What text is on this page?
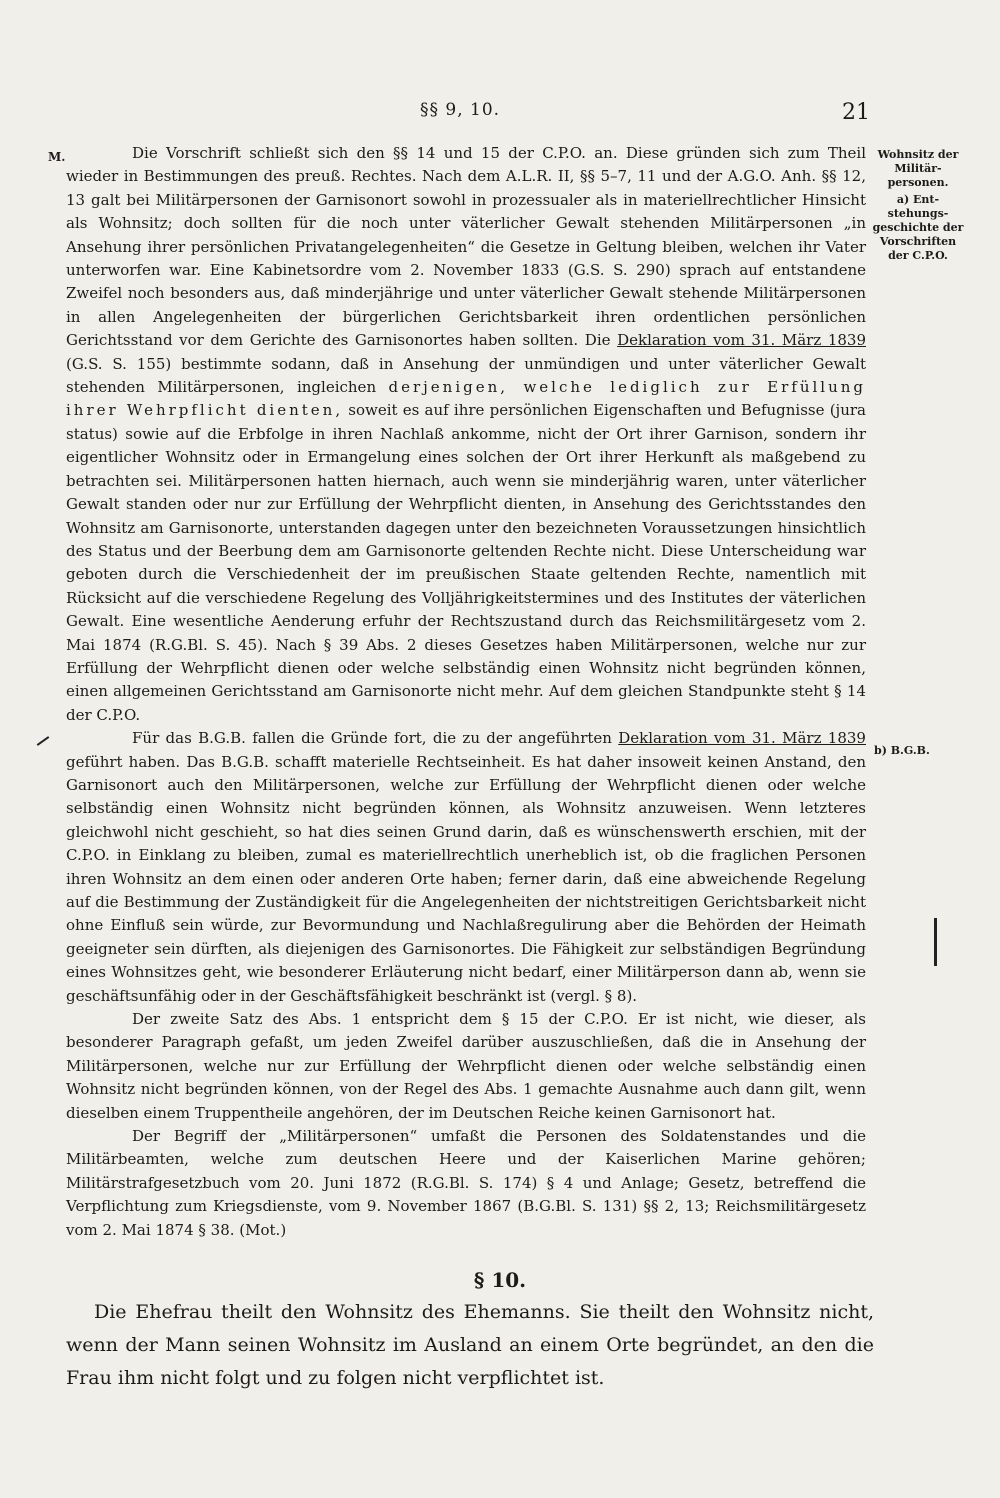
§§ 9, 10.	21
M.	Wohnsitz der Militär- personen.
a) Ent- stehungs- geschichte der Vorschriften der C.P.O.
b) B.G.B.

Die Vorschrift schließt sich den §§ 14 und 15 der C.P.O. an. Diese gründen sich zum Theil wieder in Bestimmungen des preuß. Rechtes. Nach dem A.L.R. II, §§ 5–7, 11 und der A.G.O. Anh. §§ 12, 13 galt bei Militärpersonen der Garnisonort sowohl in prozessualer als in materiellrechtlicher Hinsicht als Wohnsitz; doch sollten für die noch unter väterlicher Gewalt stehenden Militärpersonen „in Ansehung ihrer persönlichen Privatangelegenheiten“ die Gesetze in Geltung bleiben, welchen ihr Vater unterworfen war. Eine Kabinetsordre vom 2. November 1833 (G.S. S. 290) sprach auf entstandene Zweifel noch besonders aus, daß minderjährige und unter väterlicher Gewalt stehende Militärpersonen in allen Angelegenheiten der bürgerlichen Gerichtsbarkeit ihren ordentlichen persönlichen Gerichtsstand vor dem Gerichte des Garnisonortes haben sollten. Die Deklaration vom 31. März 1839 (G.S. S. 155) bestimmte sodann, daß in Ansehung der unmündigen und unter väterlicher Gewalt stehenden Militärpersonen, ingleichen derjenigen, welche lediglich zur Erfüllung ihrer Wehrpflicht dienten, soweit es auf ihre persönlichen Eigenschaften und Befugnisse (jura status) sowie auf die Erbfolge in ihren Nachlaß ankomme, nicht der Ort ihrer Garnison, sondern ihr eigentlicher Wohnsitz oder in Ermangelung eines solchen der Ort ihrer Herkunft als maßgebend zu betrachten sei. Militärpersonen hatten hiernach, auch wenn sie minderjährig waren, unter väterlicher Gewalt standen oder nur zur Erfüllung der Wehrpflicht dienten, in Ansehung des Gerichtsstandes den Wohnsitz am Garnisonorte, unterstanden dagegen unter den bezeichneten Voraussetzungen hinsichtlich des Status und der Beerbung dem am Garnisonorte geltenden Rechte nicht. Diese Unterscheidung war geboten durch die Verschiedenheit der im preußischen Staate geltenden Rechte, namentlich mit Rücksicht auf die verschiedene Regelung des Volljährigkeitstermines und des Institutes der väterlichen Gewalt. Eine wesentliche Aenderung erfuhr der Rechtszustand durch das Reichsmilitärgesetz vom 2. Mai 1874 (R.G.Bl. S. 45). Nach § 39 Abs. 2 dieses Gesetzes haben Militärpersonen, welche nur zur Erfüllung der Wehrpflicht dienen oder welche selbständig einen Wohnsitz nicht begründen können, einen allgemeinen Gerichtsstand am Garnisonorte nicht mehr. Auf dem gleichen Standpunkte steht § 14 der C.P.O.

Für das B.G.B. fallen die Gründe fort, die zu der angeführten Deklaration vom 31. März 1839 geführt haben. Das B.G.B. schafft materielle Rechtseinheit. Es hat daher insoweit keinen Anstand, den Garnisonort auch den Militärpersonen, welche zur Erfüllung der Wehrpflicht dienen oder welche selbständig einen Wohnsitz nicht begründen können, als Wohnsitz anzuweisen. Wenn letzteres gleichwohl nicht geschieht, so hat dies seinen Grund darin, daß es wünschenswerth erschien, mit der C.P.O. in Einklang zu bleiben, zumal es materiellrechtlich unerheblich ist, ob die fraglichen Personen ihren Wohnsitz an dem einen oder anderen Orte haben; ferner darin, daß eine abweichende Regelung auf die Bestimmung der Zuständigkeit für die Angelegenheiten der nichtstreitigen Gerichtsbarkeit nicht ohne Einfluß sein würde, zur Bevormundung und Nachlaßregulirung aber die Behörden der Heimath geeigneter sein dürften, als diejenigen des Garnisonortes. Die Fähigkeit zur selbständigen Begründung eines Wohnsitzes geht, wie besonderer Erläuterung nicht bedarf, einer Militärperson dann ab, wenn sie geschäftsunfähig oder in der Geschäftsfähigkeit beschränkt ist (vergl. § 8).

Der zweite Satz des Abs. 1 entspricht dem § 15 der C.P.O. Er ist nicht, wie dieser, als besonderer Paragraph gefaßt, um jeden Zweifel darüber auszuschließen, daß die in Ansehung der Militärpersonen, welche nur zur Erfüllung der Wehrpflicht dienen oder welche selbständig einen Wohnsitz nicht begründen können, von der Regel des Abs. 1 gemachte Ausnahme auch dann gilt, wenn dieselben einem Truppentheile angehören, der im Deutschen Reiche keinen Garnisonort hat.

Der Begriff der „Militärpersonen“ umfaßt die Personen des Soldatenstandes und die Militärbeamten, welche zum deutschen Heere und der Kaiserlichen Marine gehören; Militärstrafgesetzbuch vom 20. Juni 1872 (R.G.Bl. S. 174) § 4 und Anlage; Gesetz, betreffend die Verpflichtung zum Kriegsdienste, vom 9. November 1867 (B.G.Bl. S. 131) §§ 2, 13; Reichsmilitärgesetz vom 2. Mai 1874 § 38. (Mot.)

§ 10.

Die Ehefrau theilt den Wohnsitz des Ehemanns. Sie theilt den Wohnsitz nicht, wenn der Mann seinen Wohnsitz im Ausland an einem Orte begründet, an den die Frau ihm nicht folgt und zu folgen nicht verpflichtet ist.
